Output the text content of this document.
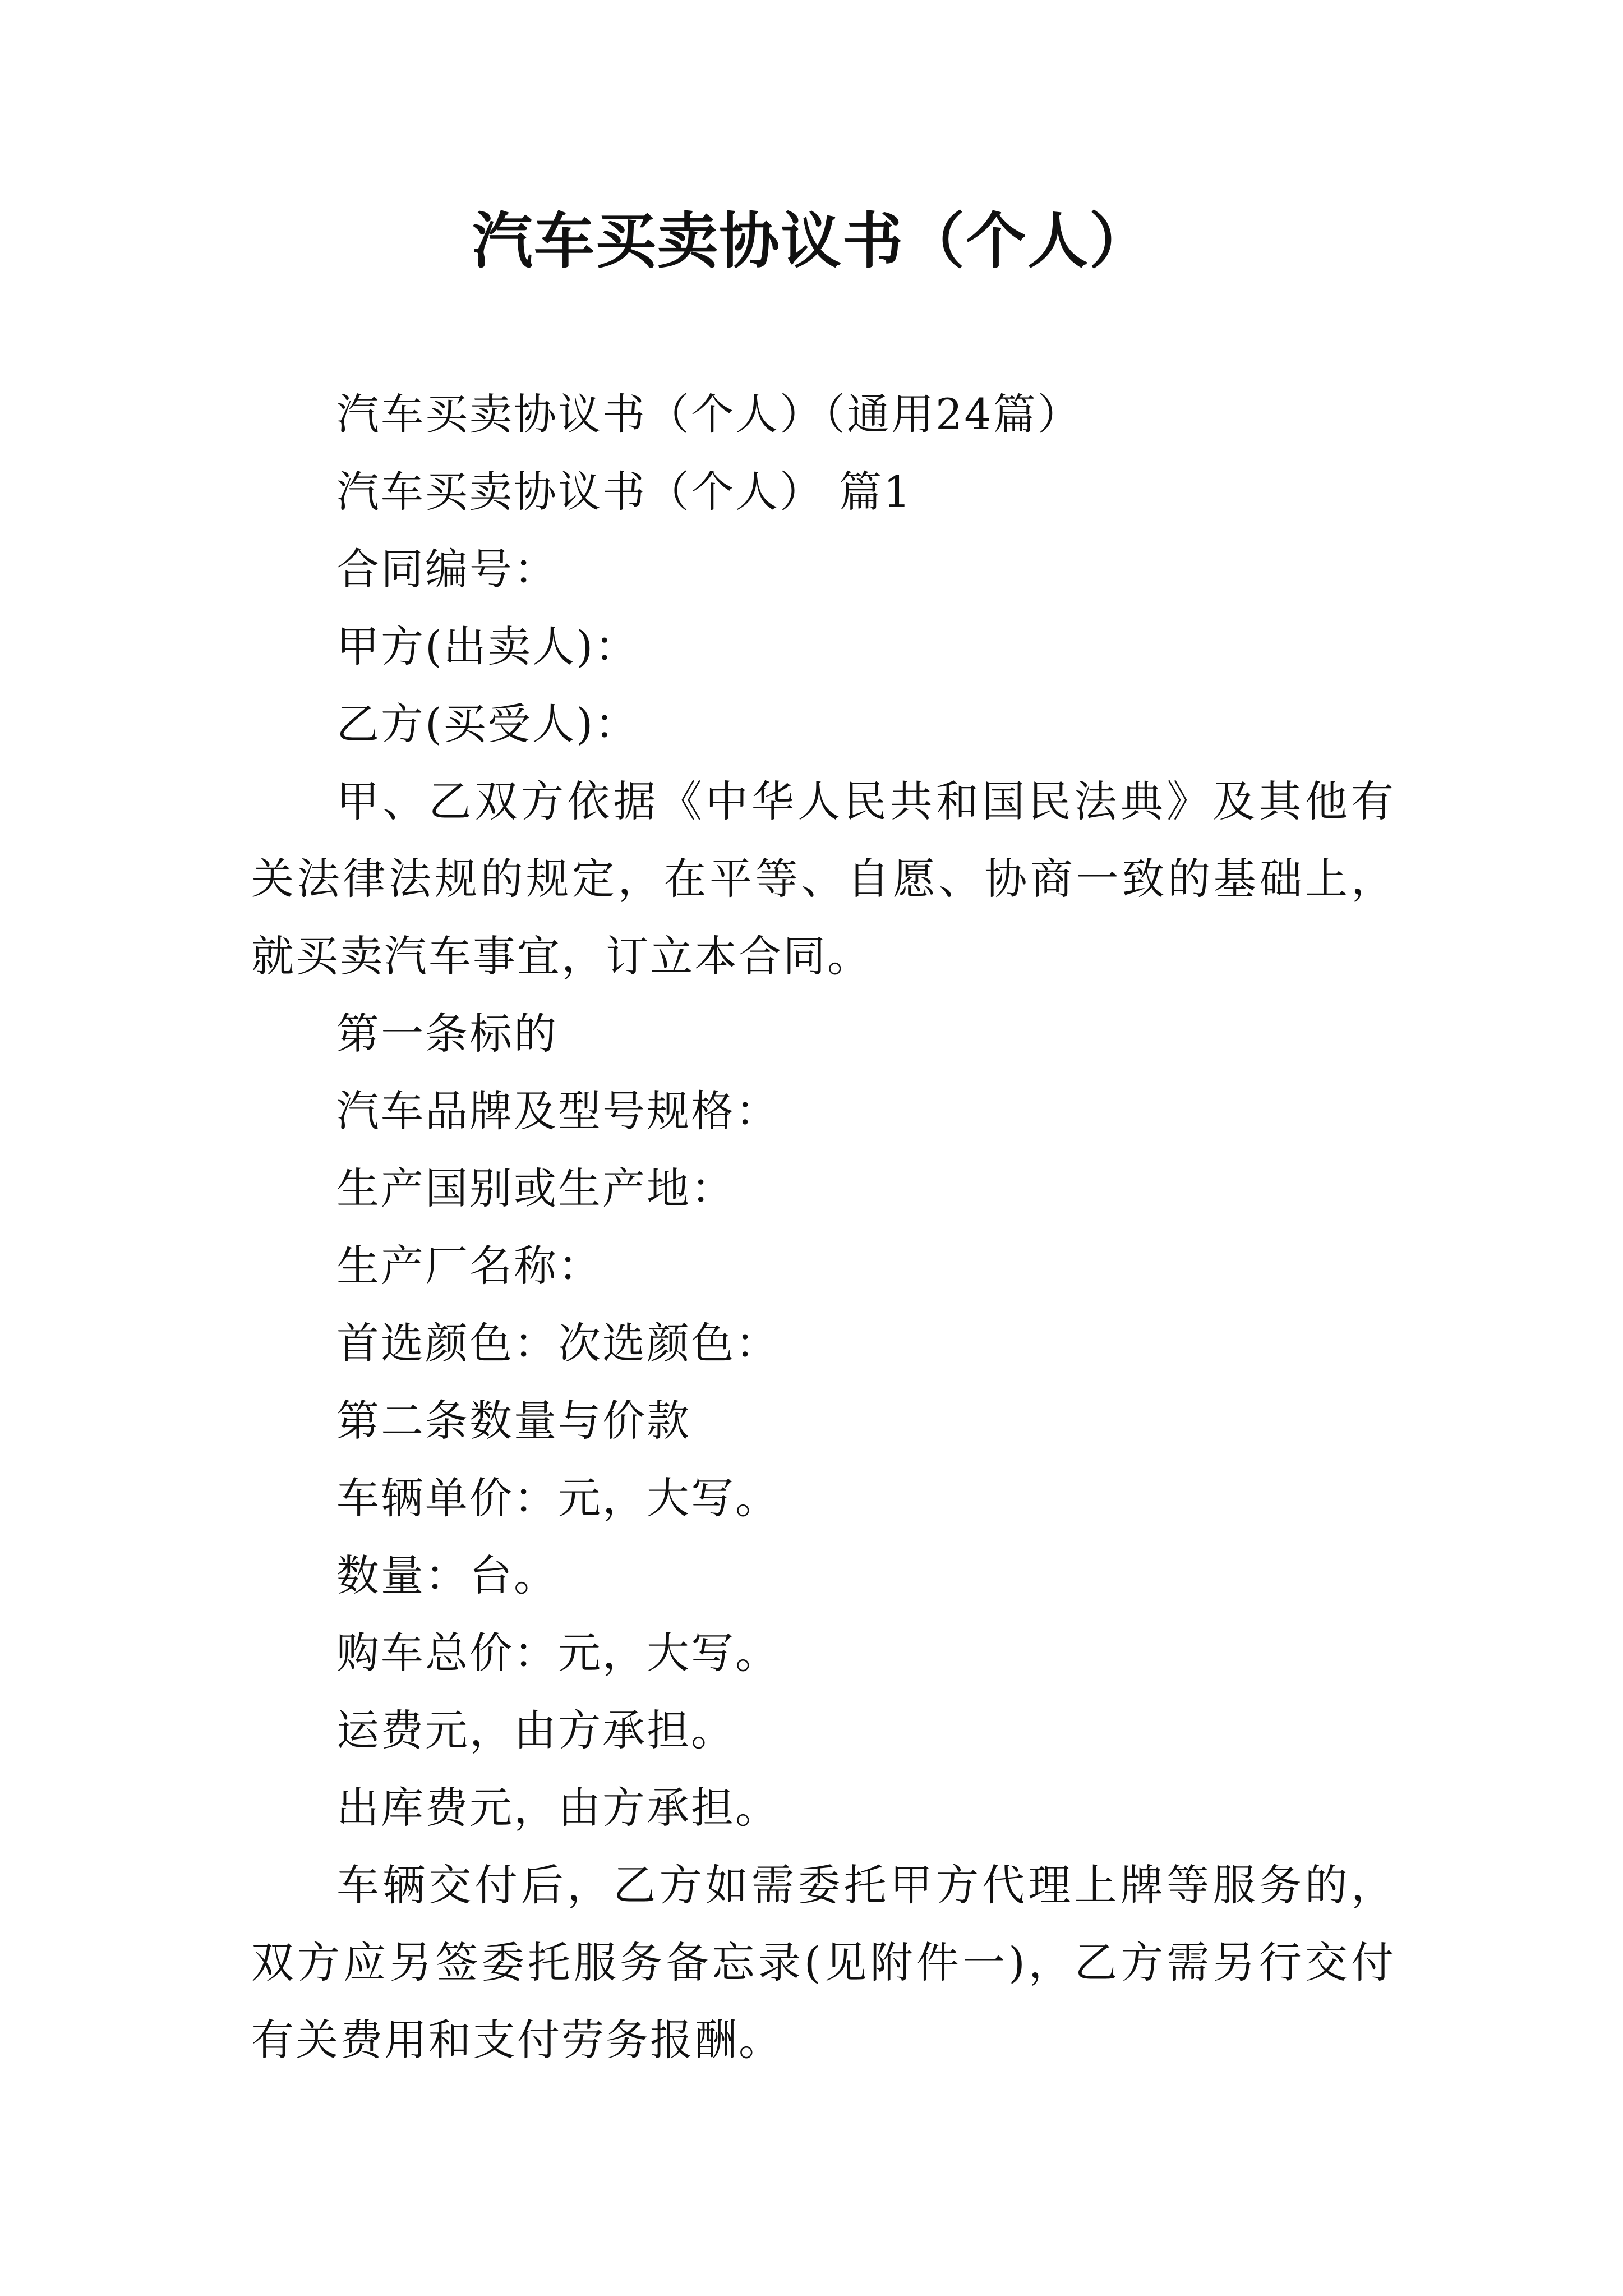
汽车买卖协议书（个人）

汽车买卖协议书（个人）（通用24篇）

汽车买卖协议书（个人） 篇1

合同编号：

甲方(出卖人)：

乙方(买受人)：

甲、乙双方依据《中华人民共和国民法典》及其他有关法律法规的规定，在平等、自愿、协商一致的基础上，就买卖汽车事宜，订立本合同。

第一条标的

汽车品牌及型号规格：

生产国别或生产地：

生产厂名称：

首选颜色：次选颜色：

第二条数量与价款

车辆单价：元，大写。

数量：台。

购车总价：元，大写。

运费元，由方承担。

出库费元，由方承担。

车辆交付后，乙方如需委托甲方代理上牌等服务的，双方应另签委托服务备忘录(见附件一)，乙方需另行交付有关费用和支付劳务报酬。
